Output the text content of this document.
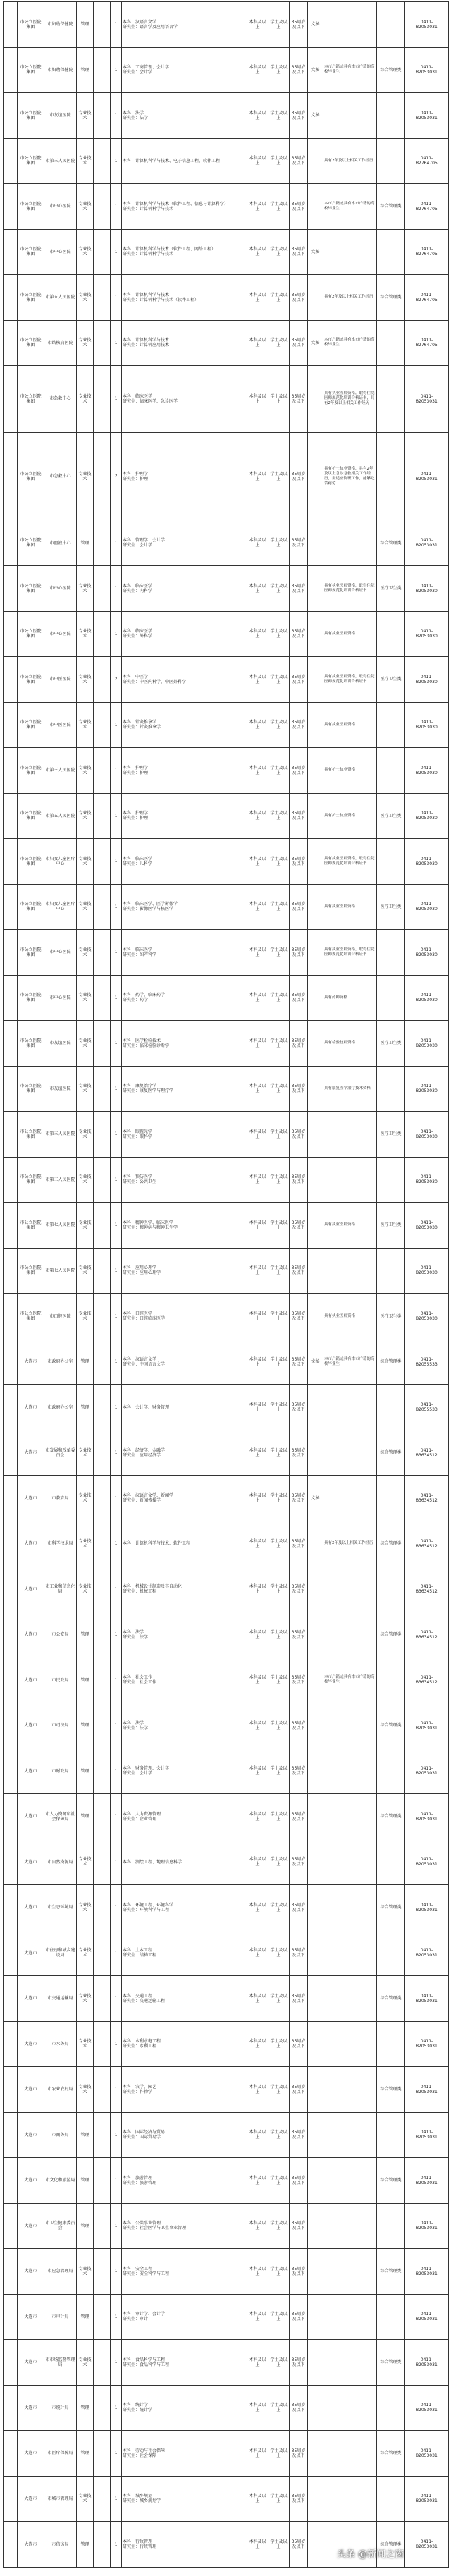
	市公立医院集团	市妇幼保健院	管理		1	本科：汉语言文学
研究生：语言学及应用语言学	本科及以上	学士及以上	35周岁及以下	文秘			0411-
82053031
	市公立医院集团	市妇幼保健院	管理		1	本科：工商管理、会计学
研究生：会计学	本科及以上	学士及以上	35周岁及以下	文秘	本市户籍或具有本市户籍的高校毕业生	综合管理类	0411-
82053031
	市公立医院集团	市友谊医院	专业技术		1	本科：法学
研究生：法学	本科及以上	学士及以上	35周岁及以下	文秘			0411-
82053031
	市公立医院集团	市第三人民医院	专业技术		1	本科：计算机科学与技术、电子信息工程、软件工程	本科及以上	学士及以上	35周岁及以下		具有2年及以上相关工作经历		0411-
82764705
	市公立医院集团	市中心医院	专业技术		1	本科：计算机科学与技术（软件工程、信息与计算科学）
研究生：计算机科学与技术	本科及以上	学士及以上	35周岁及以下		本市户籍或具有本市户籍的高校毕业生	综合管理类	0411-
82764705
	市公立医院集团	市中心医院	专业技术		1	本科：计算机科学与技术（软件工程、网络工程）
研究生：计算机科学与技术	本科及以上	学士及以上	35周岁及以下	文秘			0411-
82764705
	市公立医院集团	市第五人民医院	专业技术		1	本科：计算机科学与技术
研究生：计算机科学与技术（软件工程）	本科及以上	学士及以上	35周岁及以下		具有2年及以上相关工作经历	综合管理类	0411-
82764705
	市公立医院集团	市结核病医院	专业技术		1	本科：计算机科学与技术
研究生：计算机应用技术	本科及以上	学士及以上	35周岁及以下	文秘	本市户籍或具有本市户籍的高校毕业生		0411-
82764705
	市公立医院集团	市急救中心	专业技术		1	本科：临床医学
研究生：临床医学、急诊医学	本科及以上	学士及以上	35周岁及以下		具有执业医师资格，取得住院医师规范化培训合格证书，具有2年及以上相关工作经历		0411-
82053031
	市公立医院集团	市急救中心	专业技术		2	本科：护理学
研究生：护理	本科及以上	学士及以上	35周岁及以下		具有护士执业资格，具有2年及以上急诊急救相关工作经历，需适应倒班工作，能够吃苦耐劳		0411-
82053031
	市公立医院集团	市血液中心	管理		1	本科：管理学、会计学
研究生：会计学	本科及以上	学士及以上	35周岁及以下			综合管理类	0411-
82053031
	市公立医院集团	市中心医院	专业技术		1	本科：临床医学
研究生：内科学	本科及以上	学士及以上	35周岁及以下		具有执业医师资格，取得住院医师规范化培训合格证书	医疗卫生类	0411-
82053030
	市公立医院集团	市中心医院	专业技术		1	本科：临床医学
研究生：外科学	本科及以上	学士及以上	35周岁及以下		具有执业医师资格		0411-
82053030
	市公立医院集团	市中医医院	专业技术		2	本科：中医学
研究生：中医内科学、中医外科学	本科及以上	学士及以上	35周岁及以下		具有执业医师资格，取得住院医师规范化培训合格证书	医疗卫生类	0411-
82053030
	市公立医院集团	市中医医院	专业技术		1	本科：针灸推拿学
研究生：针灸推拿学	本科及以上	学士及以上	35周岁及以下		具有执业医师资格		0411-
82053030
	市公立医院集团	市第三人民医院	专业技术		1	本科：护理学
研究生：护理	本科及以上	学士及以上	35周岁及以下		具有护士执业资格		0411-
82053030
	市公立医院集团	市第五人民医院	专业技术		1	本科：护理学
研究生：护理	本科及以上	学士及以上	35周岁及以下		具有护士执业资格	医疗卫生类	0411-
82053030
	市公立医院集团	市妇女儿童医疗中心	专业技术		1	本科：临床医学
研究生：儿科学	本科及以上	学士及以上	35周岁及以下		具有执业医师资格，取得住院医师规范化培训合格证书		0411-
82053030
	市公立医院集团	市妇女儿童医疗中心	专业技术		1	本科：临床医学、医学影像学
研究生：影像医学与核医学	本科及以上	学士及以上	35周岁及以下		具有执业医师资格	医疗卫生类	0411-
82053030
	市公立医院集团	市中心医院	专业技术		1	本科：临床医学
研究生：妇产科学	本科及以上	学士及以上	35周岁及以下		具有执业医师资格，取得住院医师规范化培训合格证书		0411-
82053030
	市公立医院集团	市中心医院	专业技术		1	本科：药学、临床药学
研究生：药学	本科及以上	学士及以上	35周岁及以下		具有药师资格		0411-
82053030
	市公立医院集团	市友谊医院	专业技术		1	本科：医学检验技术
研究生：临床检验诊断学	本科及以上	学士及以上	35周岁及以下		具有检验技师资格	医疗卫生类	0411-
82053030
	市公立医院集团	市友谊医院	专业技术		1	本科：康复治疗学
研究生：康复医学与理疗学	本科及以上	学士及以上	35周岁及以下		具有康复医学治疗技术资格		0411-
82053030
	市公立医院集团	市第三人民医院	专业技术		1	本科：眼视光学
研究生：眼科学	本科及以上	学士及以上	35周岁及以下			医疗卫生类	0411-
82053030
	市公立医院集团	市第三人民医院	专业技术		1	本科：预防医学
研究生：公共卫生	本科及以上	学士及以上	35周岁及以下				0411-
82053030
	市公立医院集团	市第七人民医院	专业技术		1	本科：精神医学、临床医学
研究生：精神病与精神卫生学	本科及以上	学士及以上	35周岁及以下		具有执业医师资格	医疗卫生类	0411-
82053030
	市公立医院集团	市第七人民医院	专业技术		1	本科：应用心理学
研究生：应用心理学	本科及以上	学士及以上	35周岁及以下				0411-
82053030
	市公立医院集团	市口腔医院	专业技术		1	本科：口腔医学
研究生：口腔临床医学	本科及以上	学士及以上	35周岁及以下		具有执业医师资格	医疗卫生类	0411-
82053030
	大连市	市政府办公室	管理		1	本科：汉语言文学
研究生：中国语言文学	本科及以上	学士及以上	35周岁及以下	文秘	本市户籍或具有本市户籍的高校毕业生	综合管理类	0411-
82055533
	大连市	市政府办公室	管理		1	本科：会计学、财务管理	本科及以上	学士及以上	35周岁及以下				0411-
82055533
	大连市	市发展和改革委员会	专业技术		1	本科：经济学、金融学
研究生：应用经济学	本科及以上	学士及以上	35周岁及以下			综合管理类	0411-
83634512
	大连市	市教育局	专业技术		1	本科：汉语言文学、新闻学
研究生：新闻传播学	本科及以上	学士及以上	35周岁及以下	文秘			0411-
83634512
	大连市	市科学技术局	专业技术		1	本科：计算机科学与技术、软件工程	本科及以上	学士及以上	35周岁及以下		具有2年及以上相关工作经历	综合管理类	0411-
83634512
	大连市	市工业和信息化局	专业技术		1	本科：机械设计制造及其自动化
研究生：机械工程	本科及以上	学士及以上	35周岁及以下				0411-
83634512
	大连市	市公安局	管理		1	本科：法学
研究生：法学	本科及以上	学士及以上	35周岁及以下			综合管理类	0411-
83634512
	大连市	市民政局	管理		1	本科：社会工作
研究生：社会工作	本科及以上	学士及以上	35周岁及以下		本市户籍或具有本市户籍的高校毕业生		0411-
83634512
	大连市	市司法局	管理		1	本科：法学
研究生：法学	本科及以上	学士及以上	35周岁及以下			综合管理类	0411-
82053031
	大连市	市财政局	管理		1	本科：财务管理、会计学
研究生：会计学	本科及以上	学士及以上	35周岁及以下				0411-
82053031
	大连市	市人力资源和社会保障局	管理		1	本科：人力资源管理
研究生：企业管理	本科及以上	学士及以上	35周岁及以下			综合管理类	0411-
82053031
	大连市	市自然资源局	专业技术		1	本科：测绘工程、地理信息科学	本科及以上	学士及以上	35周岁及以下				0411-
82053031
	大连市	市生态环境局	专业技术		1	本科：环境工程、环境科学
研究生：环境科学与工程	本科及以上	学士及以上	35周岁及以下			综合管理类	0411-
82053031
	大连市	市住房和城乡建设局	专业技术		1	本科：土木工程
研究生：结构工程	本科及以上	学士及以上	35周岁及以下				0411-
82053031
	大连市	市交通运输局	专业技术		1	本科：交通工程
研究生：交通运输工程	本科及以上	学士及以上	35周岁及以下			综合管理类	0411-
82053031
	大连市	市水务局	专业技术		1	本科：水利水电工程
研究生：水利工程	本科及以上	学士及以上	35周岁及以下				0411-
82053031
	大连市	市农业农村局	专业技术		1	本科：农学、园艺
研究生：作物学	本科及以上	学士及以上	35周岁及以下			综合管理类	0411-
82053031
	大连市	市商务局	管理		1	本科：国际经济与贸易
研究生：国际贸易学	本科及以上	学士及以上	35周岁及以下				0411-
82053031
	大连市	市文化和旅游局	管理		1	本科：旅游管理
研究生：旅游管理	本科及以上	学士及以上	35周岁及以下			综合管理类	0411-
82053031
	大连市	市卫生健康委员会	管理		1	本科：公共事业管理
研究生：社会医学与卫生事业管理	本科及以上	学士及以上	35周岁及以下				0411-
82053031
	大连市	市应急管理局	专业技术		1	本科：安全工程
研究生：安全科学与工程	本科及以上	学士及以上	35周岁及以下			综合管理类	0411-
82053031
	大连市	市审计局	管理		1	本科：审计学、会计学
研究生：审计	本科及以上	学士及以上	35周岁及以下				0411-
82053031
	大连市	市市场监督管理局	专业技术		1	本科：食品科学与工程
研究生：食品科学与工程	本科及以上	学士及以上	35周岁及以下			综合管理类	0411-
82053031
	大连市	市统计局	管理		1	本科：统计学
研究生：统计学	本科及以上	学士及以上	35周岁及以下				0411-
82053031
	大连市	市医疗保障局	管理		1	本科：劳动与社会保障
研究生：社会保障	本科及以上	学士及以上	35周岁及以下			综合管理类	0411-
82053031
	大连市	市城市管理局	专业技术		1	本科：城乡规划
研究生：城乡规划学	本科及以上	学士及以上	35周岁及以下				0411-
82053031
	大连市	市信访局	管理		1	本科：行政管理
研究生：行政管理	本科及以上	学士及以上	35周岁及以下			综合管理类	0411-
82053031
头条 @新闻之窗
